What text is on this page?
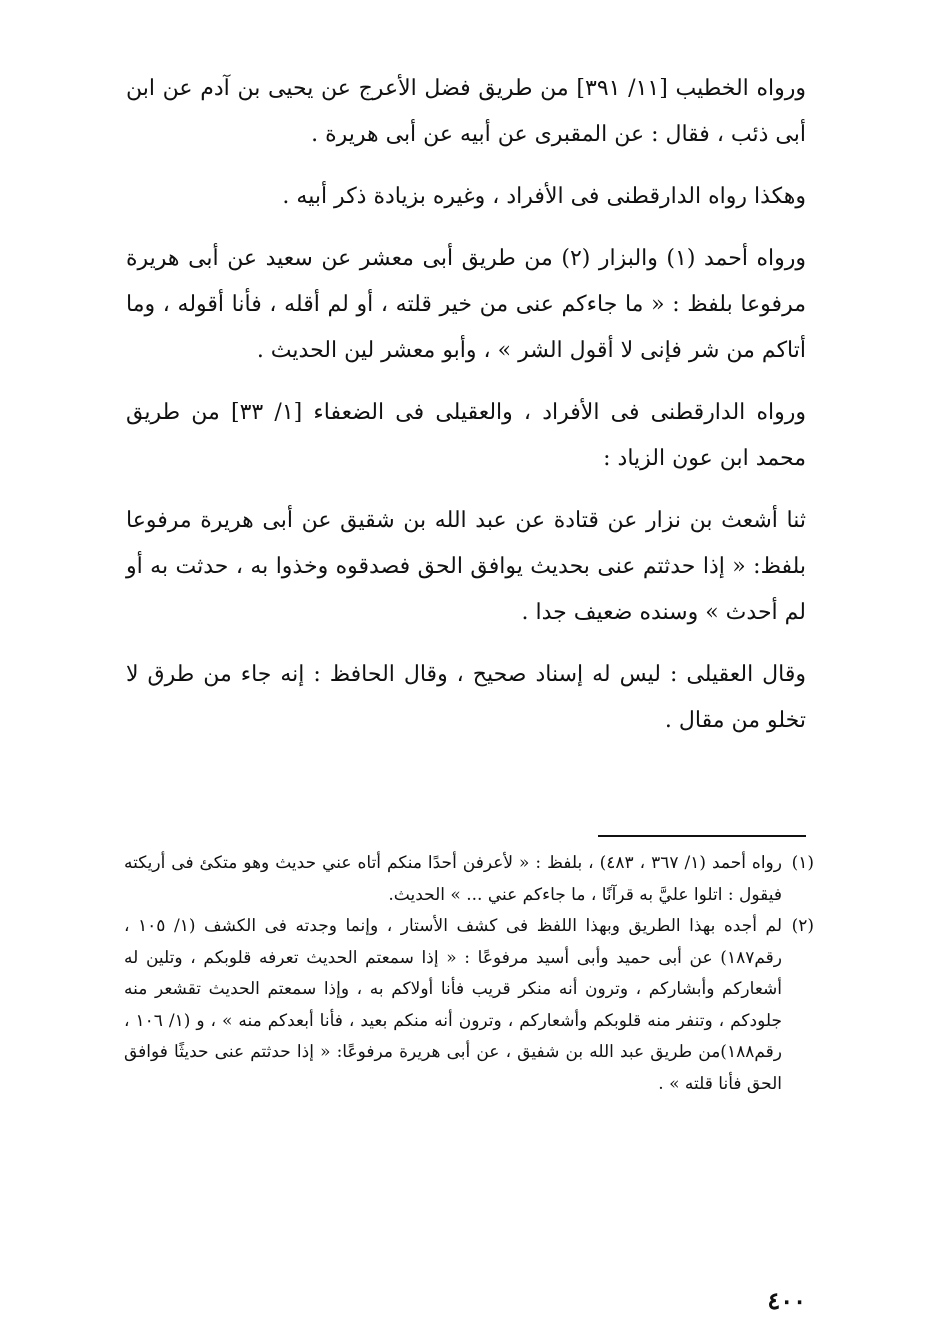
ورواه الخطيب [١١/ ٣٩١] من طريق فضل الأعرج عن يحيى بن آدم عن ابن أبى ذئب ، فقال : عن المقبرى عن أبيه عن أبى هريرة .

وهكذا رواه الدارقطنى فى الأفراد ، وغيره بزيادة ذكر أبيه .

ورواه أحمد (١) والبزار (٢) من طريق أبى معشر عن سعيد عن أبى هريرة مرفوعا بلفظ : « ما جاءكم عنى من خير قلته ، أو لم أقله ، فأنا أقوله ، وما أتاكم من شر فإنى لا أقول الشر » ، وأبو معشر لين الحديث .

ورواه الدارقطنى فى الأفراد ، والعقيلى فى الضعفاء [١/ ٣٣] من طريق محمد ابن عون الزياد :

ثنا أشعث بن نزار عن قتادة عن عبد الله بن شقيق عن أبى هريرة مرفوعا بلفظ: « إذا حدثتم عنى بحديث يوافق الحق فصدقوه وخذوا به ، حدثت به أو لم أحدث » وسنده ضعيف جدا .

وقال العقيلى : ليس له إسناد صحيح ، وقال الحافظ : إنه جاء من طرق لا تخلو من مقال .

(١)
رواه أحمد (١/ ٣٦٧ ، ٤٨٣) ، بلفظ : « لأعرفن أحدًا منكم أتاه عني حديث وهو متكئ فى أريكته فيقول : اتلوا عليَّ به قرآنًا ، ما جاءكم عني ... » الحديث.
(٢)
لم أجده بهذا الطريق وبهذا اللفظ فى كشف الأستار ، وإنما وجدته فى الكشف (١/ ١٠٥ ، رقم١٨٧) عن أبى حميد وأبى أسيد مرفوعًا : « إذا سمعتم الحديث تعرفه قلوبكم ، وتلين له أشعاركم وأبشاركم ، وترون أنه منكر قريب فأنا أولاكم به ، وإذا سمعتم الحديث تقشعر منه جلودكم ، وتنفر منه قلوبكم وأشعاركم ، وترون أنه منكم بعيد ، فأنا أبعدكم منه » ، و (١/ ١٠٦ ، رقم١٨٨)من طريق عبد الله بن شفيق ، عن أبى هريرة مرفوعًا: « إذا حدثتم عنى حديثًا فوافق الحق فأنا قلته » .
٤٠٠
